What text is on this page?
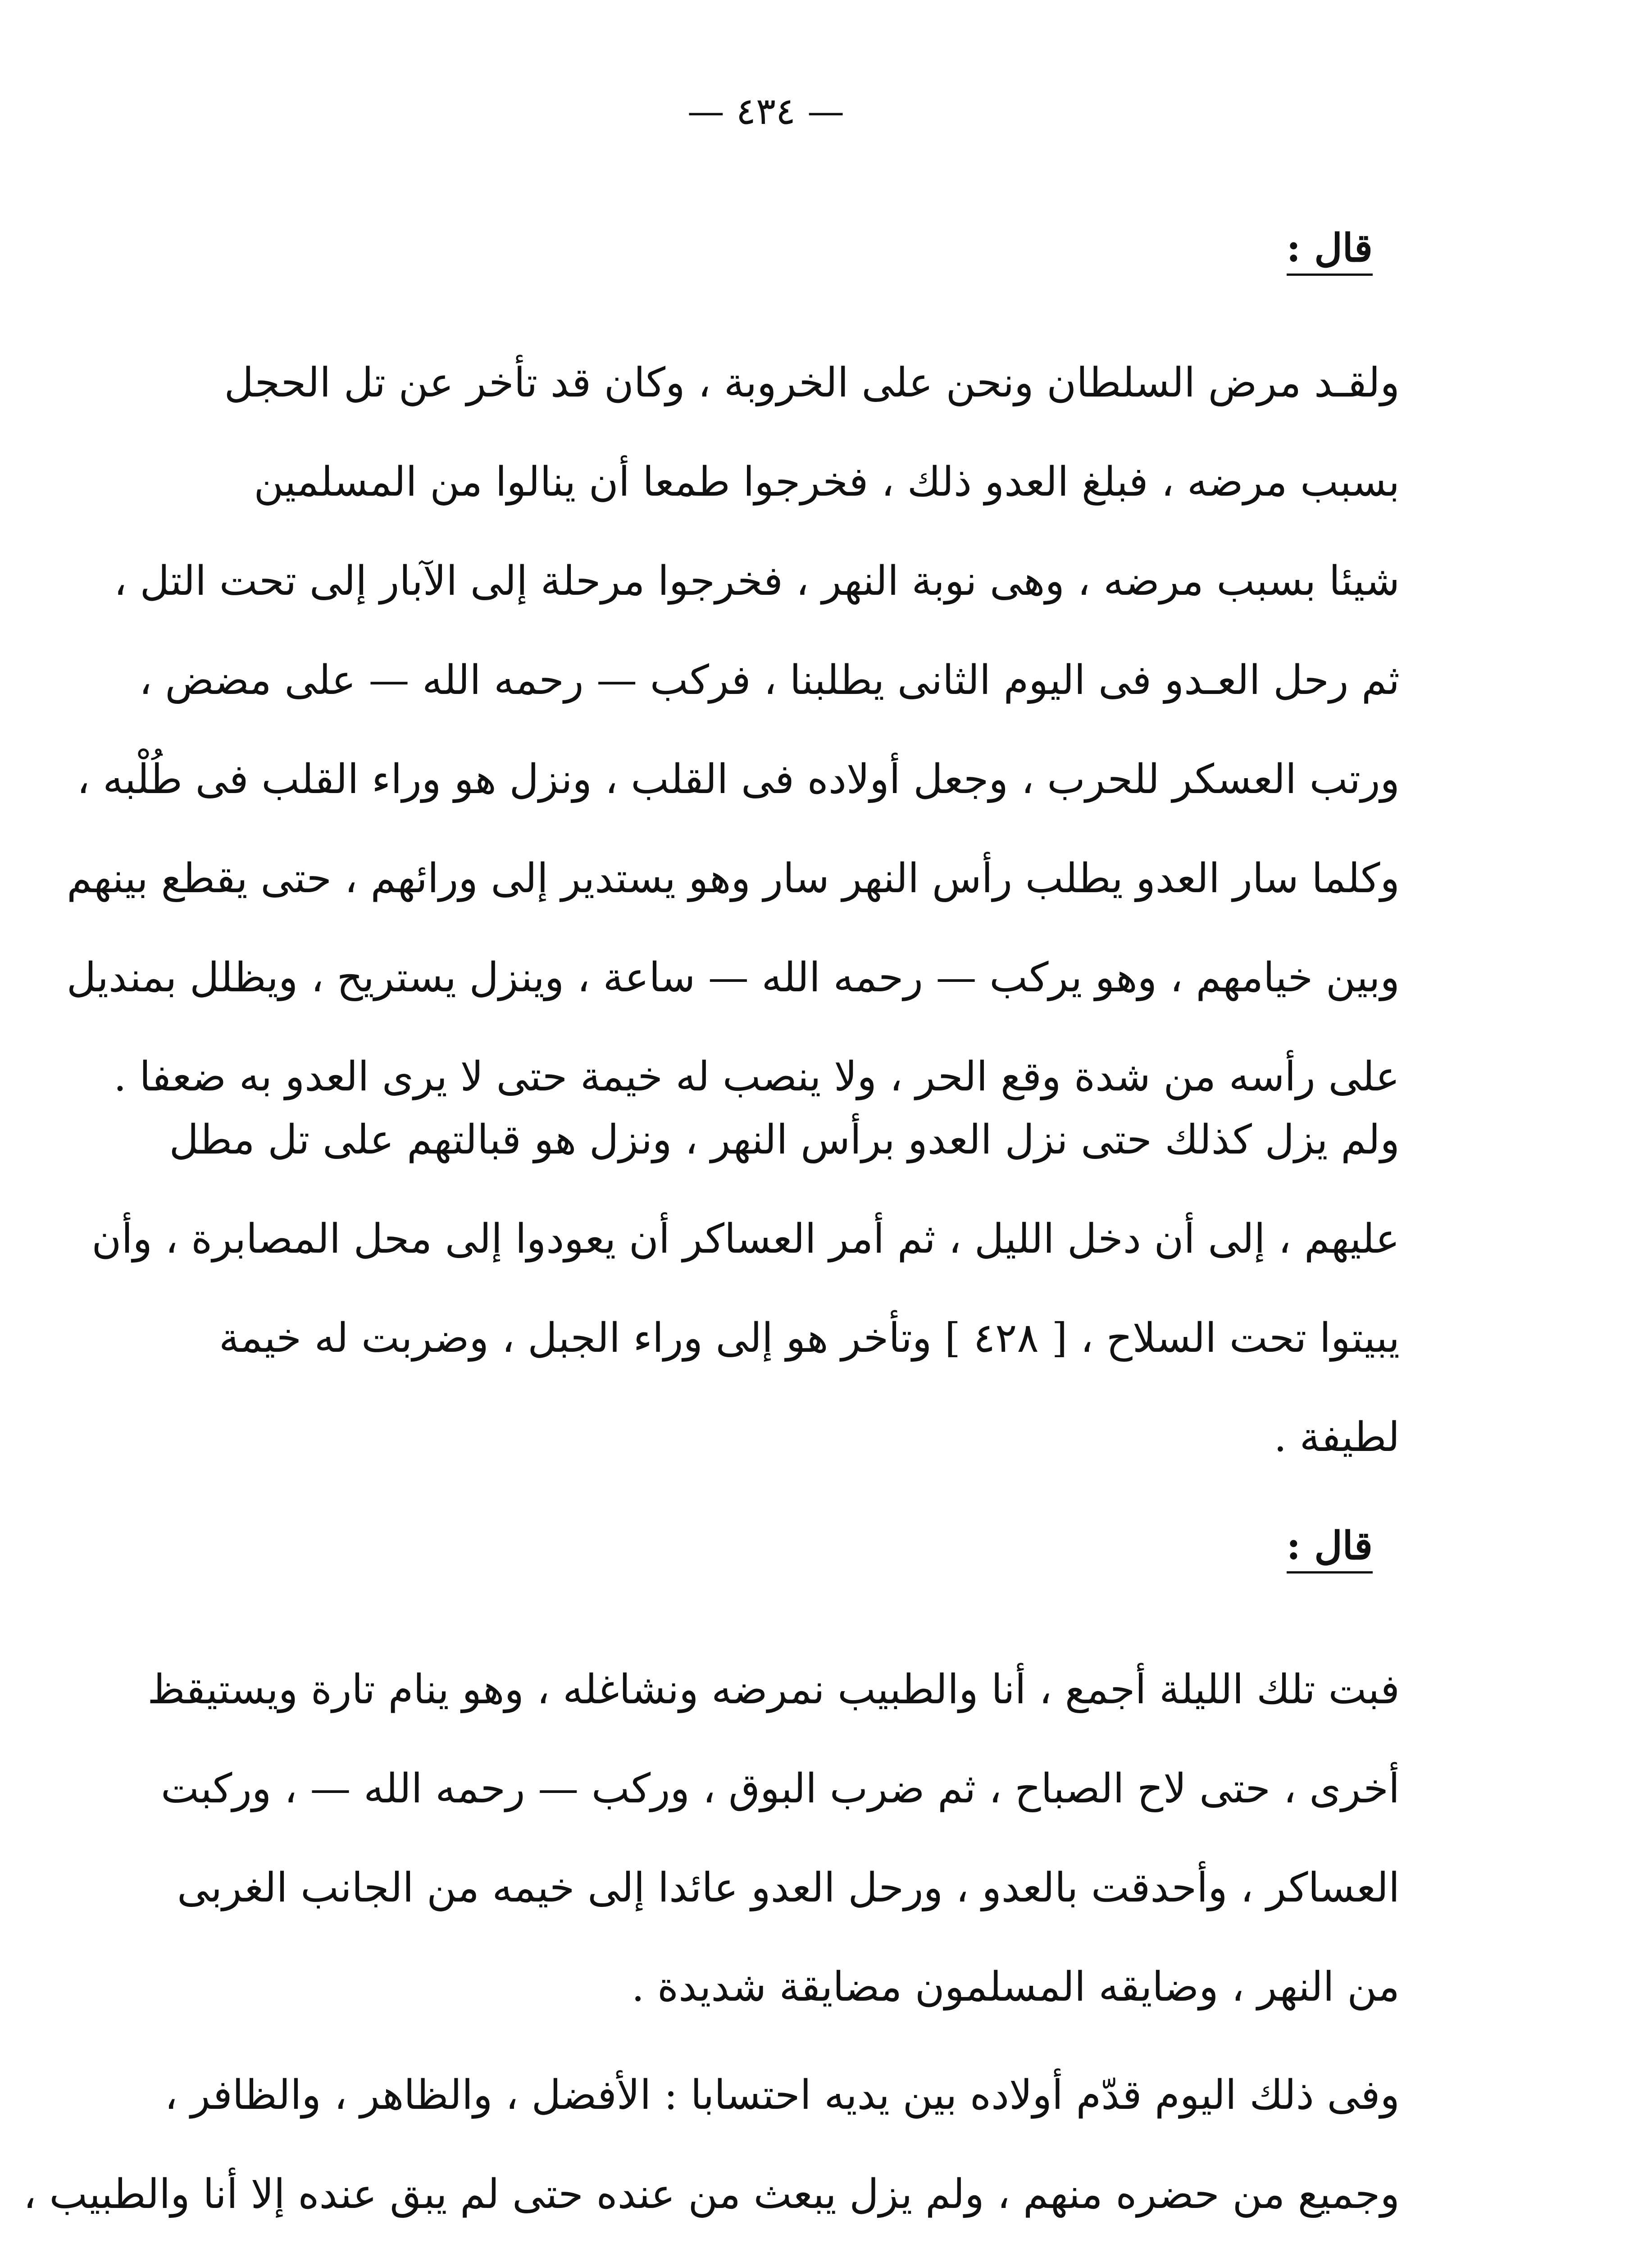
— ٤٣٤ —
قال :
ولقـد مرض السلطان ونحن على الخروبة ، وكان قد تأخر عن تل الحجل
بسبب مرضه ، فبلغ العدو ذلك ، فخرجوا طمعا أن ينالوا من المسلمين
شيئا بسبب مرضه ، وهى نوبة النهر ، فخرجوا مرحلة إلى الآبار إلى تحت التل ،
ثم رحل العـدو فى اليوم الثانى يطلبنا ، فركب — رحمه الله — على مضض ،
ورتب العسكر للحرب ، وجعل أولاده فى القلب ، ونزل هو وراء القلب فى طُلْبه ،
وكلما سار العدو يطلب رأس النهر سار وهو يستدير إلى ورائهم ، حتى يقطع بينهم
وبين خيامهم ، وهو يركب — رحمه الله — ساعة ، وينزل يستريح ، ويظلل بمنديل
على رأسه من شدة وقع الحر ، ولا ينصب له خيمة حتى لا يرى العدو به ضعفا .
ولم يزل كذلك حتى نزل العدو برأس النهر ، ونزل هو قبالتهم على تل مطل
عليهم ، إلى أن دخل الليل ، ثم أمر العساكر أن يعودوا إلى محل المصابرة ، وأن
يبيتوا تحت السلاح ، [ ٤٢٨ ] وتأخر هو إلى وراء الجبل ، وضربت له خيمة
لطيفة .
قال :
فبت تلك الليلة أجمع ، أنا والطبيب نمرضه ونشاغله ، وهو ينام تارة ويستيقظ
أخرى ، حتى لاح الصباح ، ثم ضرب البوق ، وركب — رحمه الله — ، وركبت
العساكر ، وأحدقت بالعدو ، ورحل العدو عائدا إلى خيمه من الجانب الغربى
من النهر ، وضايقه المسلمون مضايقة شديدة .
وفى ذلك اليوم قدّم أولاده بين يديه احتسابا : الأفضل ، والظاهر ، والظافر ،
وجميع من حضره منهم ، ولم يزل يبعث من عنده حتى لم يبق عنده إلا أنا والطبيب ،
